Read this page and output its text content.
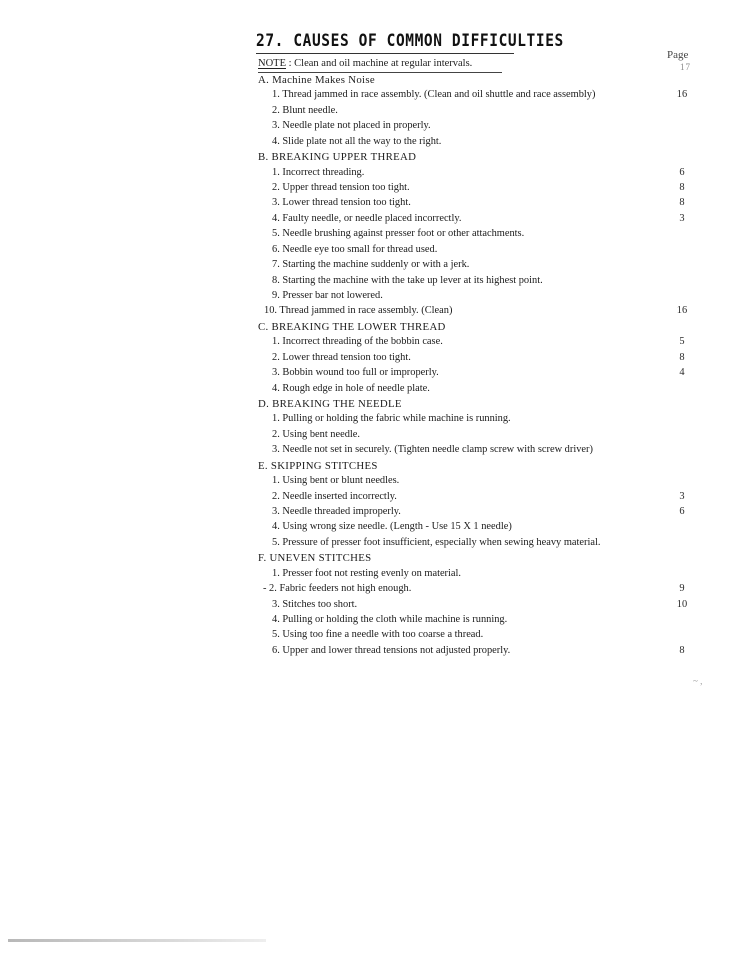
27. CAUSES OF COMMON DIFFICULTIES
Page
17
NOTE : Clean and oil machine at regular intervals.
A. Machine Makes Noise
1. Thread jammed in race assembly. (Clean and oil shuttle and race assembly)	16
2. Blunt needle.
3. Needle plate not placed in properly.
4. Slide plate not all the way to the right.
B. BREAKING UPPER THREAD
1. Incorrect threading.	6
2. Upper thread tension too tight.	8
3. Lower thread tension too tight.	8
4. Faulty needle, or needle placed incorrectly.	3
5. Needle brushing against presser foot or other attachments.
6. Needle eye too small for thread used.
7. Starting the machine suddenly or with a jerk.
8. Starting the machine with the take up lever at its highest point.
9. Presser bar not lowered.
10. Thread jammed in race assembly. (Clean)	16
C. BREAKING THE LOWER THREAD
1. Incorrect threading of the bobbin case.	5
2. Lower thread tension too tight.	8
3. Bobbin wound too full or improperly.	4
4. Rough edge in hole of needle plate.
D. BREAKING THE NEEDLE
1. Pulling or holding the fabric while machine is running.
2. Using bent needle.
3. Needle not set in securely. (Tighten needle clamp screw with screw driver)
E. SKIPPING STITCHES
1. Using bent or blunt needles.
2. Needle inserted incorrectly.	3
3. Needle threaded improperly.	6
4. Using wrong size needle. (Length - Use 15 X 1 needle)
5. Pressure of presser foot insufficient, especially when sewing heavy material.
F. UNEVEN STITCHES
1. Presser foot not resting evenly on material.
- 2. Fabric feeders not high enough.	9
3. Stitches too short.	10
4. Pulling or holding the cloth while machine is running.
5. Using too fine a needle with too coarse a thread.
6. Upper and lower thread tensions not adjusted properly.	8
~ ,
